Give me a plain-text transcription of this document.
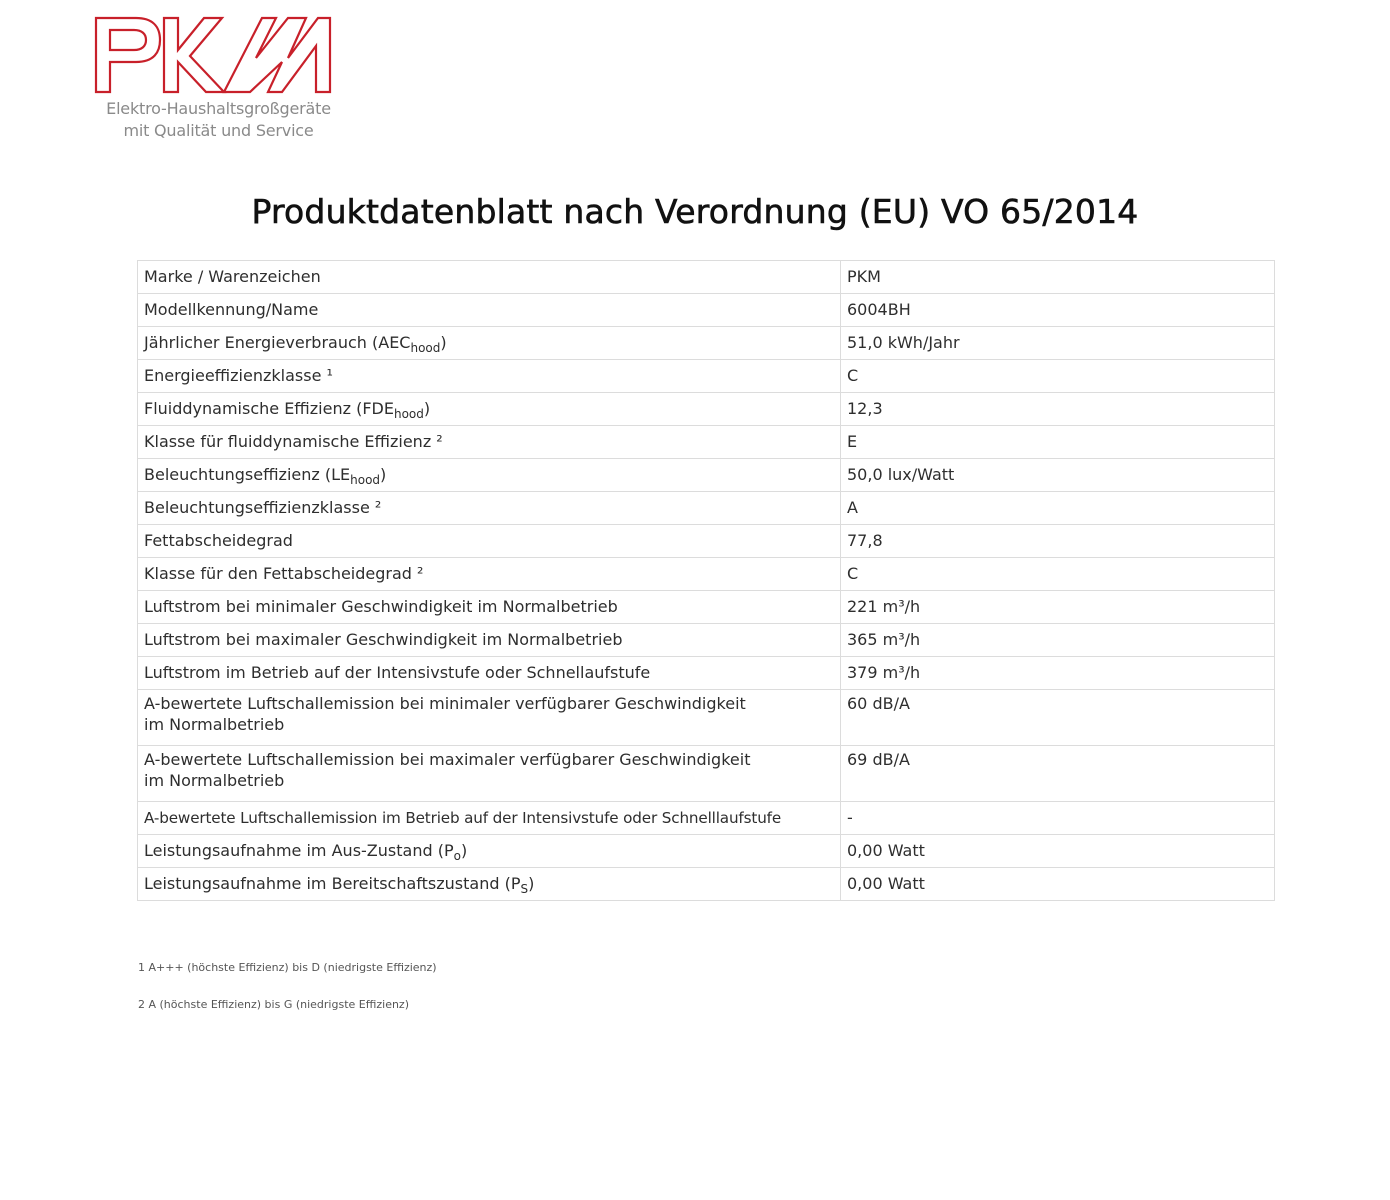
Elektro-Haushaltsgroßgeräte
mit Qualität und Service
Produktdatenblatt nach Verordnung (EU) VO 65/2014
Marke / Warenzeichen	PKM
Modellkennung/Name	6004BH
Jährlicher Energieverbrauch (AEChood)	51,0 kWh/Jahr
Energieeffizienzklasse ¹	C
Fluiddynamische Effizienz (FDEhood)	12,3
Klasse für fluiddynamische Effizienz ²	E
Beleuchtungseffizienz (LEhood)	50,0 lux/Watt
Beleuchtungseffizienzklasse ²	A
Fettabscheidegrad	77,8
Klasse für den Fettabscheidegrad ²	C
Luftstrom bei minimaler Geschwindigkeit im Normalbetrieb	221 m³/h
Luftstrom bei maximaler Geschwindigkeit im Normalbetrieb	365 m³/h
Luftstrom im Betrieb auf der Intensivstufe oder Schnellaufstufe	379 m³/h
A-bewertete Luftschallemission bei minimaler verfügbarer Geschwindigkeit
im Normalbetrieb	60 dB/A
A-bewertete Luftschallemission bei maximaler verfügbarer Geschwindigkeit
im Normalbetrieb	69 dB/A
A-bewertete Luftschallemission im Betrieb auf der Intensivstufe oder Schnelllaufstufe	-
Leistungsaufnahme im Aus-Zustand (Po)	0,00 Watt
Leistungsaufnahme im Bereitschaftszustand (PS)	0,00 Watt
1 A+++ (höchste Effizienz) bis D (niedrigste Effizienz)
2 A (höchste Effizienz) bis G (niedrigste Effizienz)
